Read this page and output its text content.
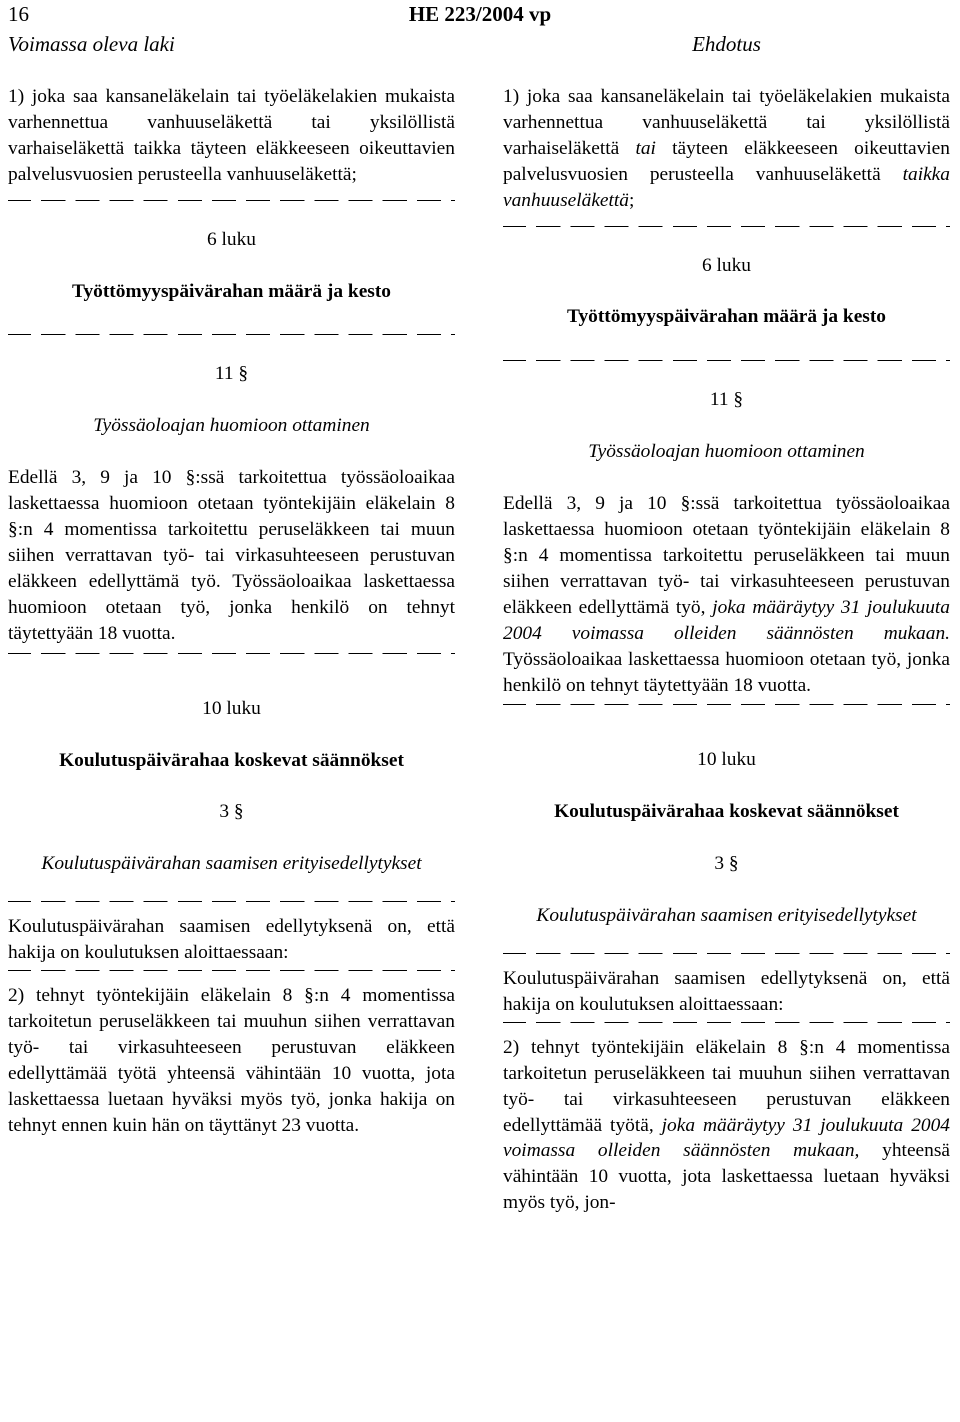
16	HE 223/2004 vp
Voimassa oleva laki	Ehdotus

1) joka saa kansaneläkelain tai työeläkelakien mukaista varhennettua vanhuuseläkettä tai yksilöllistä varhaiseläkettä taikka täyteen eläkkeeseen oikeuttavien palvelusvuosien perusteella vanhuuseläkettä;

6 luku

Työttömyyspäivärahan määrä ja kesto

11 §

Työssäoloajan huomioon ottaminen

Edellä 3, 9 ja 10 §:ssä tarkoitettua työssäoloaikaa laskettaessa huomioon otetaan työntekijäin eläkelain 8 §:n 4 momentissa tarkoitettu peruseläkkeen tai muun siihen verrattavan työ- tai virkasuhteeseen perustuvan eläkkeen edellyttämä työ. Työssäoloaikaa laskettaessa huomioon otetaan työ, jonka henkilö on tehnyt täytettyään 18 vuotta.

10 luku

Koulutuspäivärahaa koskevat säännökset

3 §

Koulutuspäivärahan saamisen erityisedellytykset

Koulutuspäivärahan saamisen edellytyksenä on, että hakija on koulutuksen aloittaessaan:

2) tehnyt työntekijäin eläkelain 8 §:n 4 momentissa tarkoitetun peruseläkkeen tai muuhun siihen verrattavan työ- tai virkasuhteeseen perustuvan eläkkeen edellyttämää työtä yhteensä vähintään 10 vuotta, jota laskettaessa luetaan hyväksi myös työ, jonka hakija on tehnyt ennen kuin hän on täyttänyt 23 vuotta.

1) joka saa kansaneläkelain tai työeläkelakien mukaista varhennettua vanhuuseläkettä tai yksilöllistä varhaiseläkettä tai täyteen eläkkeeseen oikeuttavien palvelusvuosien perusteella vanhuuseläkettä taikka vanhuuseläkettä;

6 luku

Työttömyyspäivärahan määrä ja kesto

11 §

Työssäoloajan huomioon ottaminen

Edellä 3, 9 ja 10 §:ssä tarkoitettua työssäoloaikaa laskettaessa huomioon otetaan työntekijäin eläkelain 8 §:n 4 momentissa tarkoitettu peruseläkkeen tai muun siihen verrattavan työ- tai virkasuhteeseen perustuvan eläkkeen edellyttämä työ, joka määräytyy 31 joulukuuta 2004 voimassa olleiden säännösten mukaan. Työssäoloaikaa laskettaessa huomioon otetaan työ, jonka henkilö on tehnyt täytettyään 18 vuotta.

10 luku

Koulutuspäivärahaa koskevat säännökset

3 §

Koulutuspäivärahan saamisen erityisedellytykset

Koulutuspäivärahan saamisen edellytyksenä on, että hakija on koulutuksen aloittaessaan:

2) tehnyt työntekijäin eläkelain 8 §:n 4 momentissa tarkoitetun peruseläkkeen tai muuhun siihen verrattavan työ- tai virkasuhteeseen perustuvan eläkkeen edellyttämää työtä, joka määräytyy 31 joulukuuta 2004 voimassa olleiden säännösten mukaan, yhteensä vähintään 10 vuotta, jota laskettaessa luetaan hyväksi myös työ, jon-
